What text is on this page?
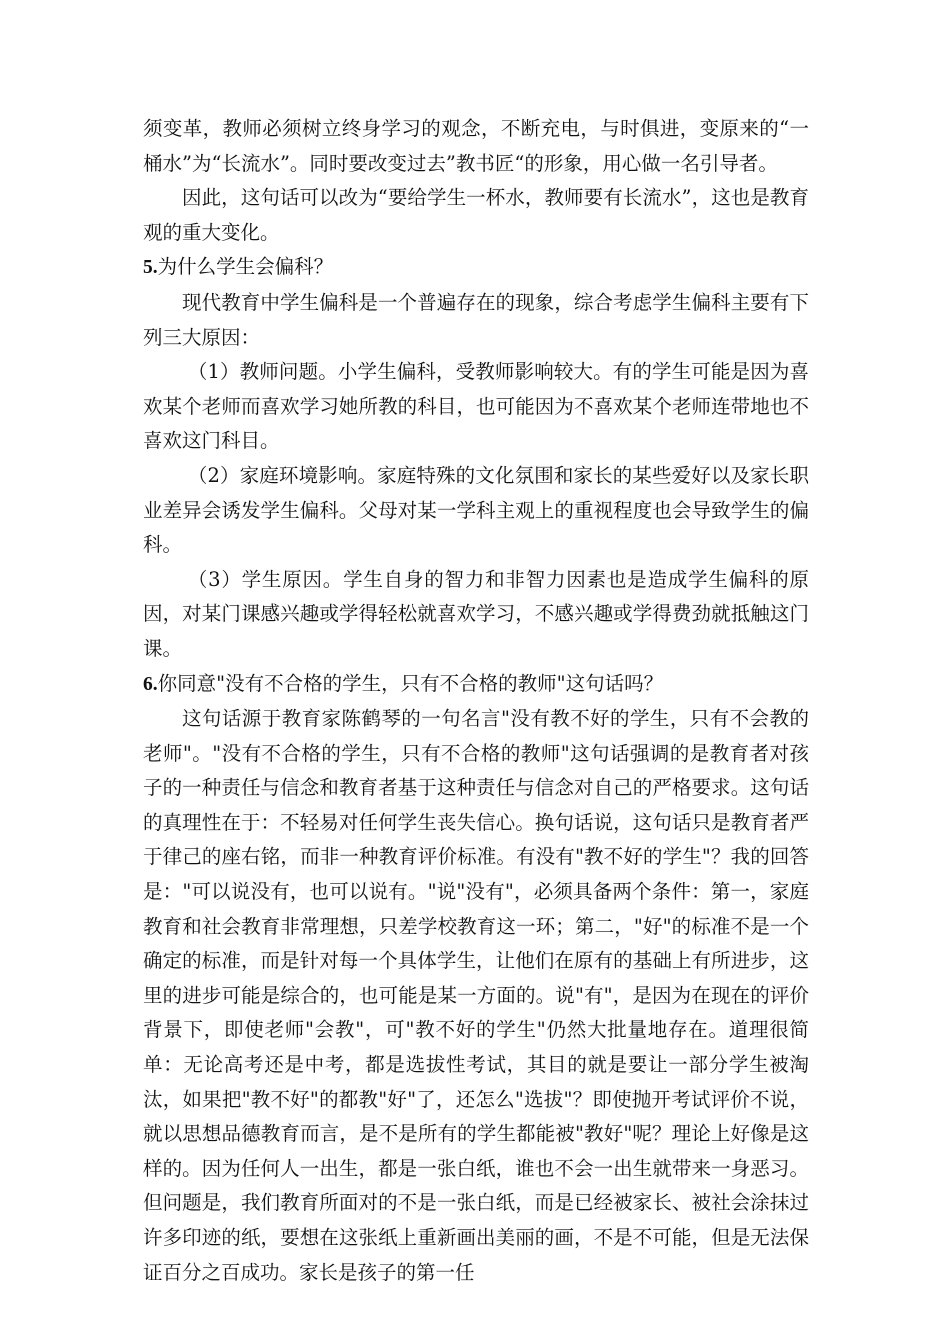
须变革，教师必须树立终身学习的观念，不断充电，与时俱进，变原来的“一桶水”为“长流水”。同时要改变过去”教书匠“的形象，用心做一名引导者。

因此，这句话可以改为“要给学生一杯水，教师要有长流水”，这也是教育观的重大变化。

5.为什么学生会偏科？

现代教育中学生偏科是一个普遍存在的现象，综合考虑学生偏科主要有下列三大原因：

（1）教师问题。小学生偏科，受教师影响较大。有的学生可能是因为喜欢某个老师而喜欢学习她所教的科目，也可能因为不喜欢某个老师连带地也不喜欢这门科目。

（2）家庭环境影响。家庭特殊的文化氛围和家长的某些爱好以及家长职业差异会诱发学生偏科。父母对某一学科主观上的重视程度也会导致学生的偏科。

（3）学生原因。学生自身的智力和非智力因素也是造成学生偏科的原因，对某门课感兴趣或学得轻松就喜欢学习，不感兴趣或学得费劲就抵触这门课。

6.你同意"没有不合格的学生，只有不合格的教师"这句话吗？

这句话源于教育家陈鹤琴的一句名言"没有教不好的学生，只有不会教的老师"。"没有不合格的学生，只有不合格的教师"这句话强调的是教育者对孩子的一种责任与信念和教育者基于这种责任与信念对自己的严格要求。这句话的真理性在于：不轻易对任何学生丧失信心。换句话说，这句话只是教育者严于律己的座右铭，而非一种教育评价标准。有没有"教不好的学生"？我的回答是："可以说没有，也可以说有。"说"没有"，必须具备两个条件：第一，家庭教育和社会教育非常理想，只差学校教育这一环；第二，"好"的标准不是一个确定的标准，而是针对每一个具体学生，让他们在原有的基础上有所进步，这里的进步可能是综合的，也可能是某一方面的。说"有"，是因为在现在的评价背景下，即使老师"会教"，可"教不好的学生"仍然大批量地存在。道理很简单：无论高考还是中考，都是选拔性考试，其目的就是要让一部分学生被淘汰，如果把"教不好"的都教"好"了，还怎么"选拔"？即使抛开考试评价不说，就以思想品德教育而言，是不是所有的学生都能被"教好"呢？理论上好像是这样的。因为任何人一出生，都是一张白纸，谁也不会一出生就带来一身恶习。但问题是，我们教育所面对的不是一张白纸，而是已经被家长、被社会涂抹过许多印迹的纸，要想在这张纸上重新画出美丽的画，不是不可能，但是无法保证百分之百成功。家长是孩子的第一任
